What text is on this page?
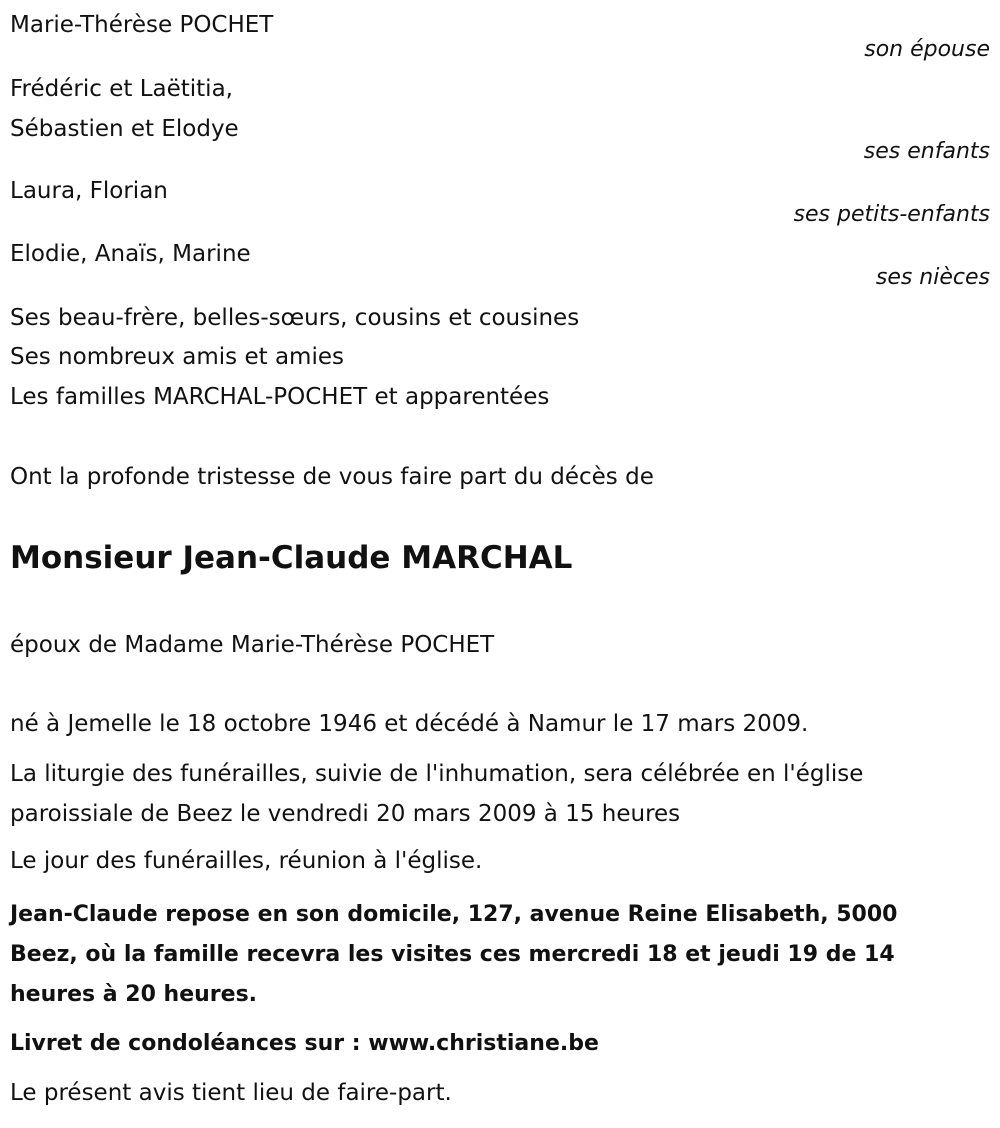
Marie-Thérèse POCHET
son épouse
Frédéric et Laëtitia,
Sébastien et Elodye
ses enfants
Laura, Florian
ses petits-enfants
Elodie, Anaïs, Marine
ses nièces
Ses beau-frère, belles-sœurs, cousins et cousines
Ses nombreux amis et amies
Les familles MARCHAL-POCHET et apparentées
Ont la profonde tristesse de vous faire part du décès de
Monsieur Jean-Claude MARCHAL
époux de Madame Marie-Thérèse POCHET
né à Jemelle le 18 octobre 1946 et décédé à Namur le 17 mars 2009.
La liturgie des funérailles, suivie de l'inhumation, sera célébrée en l'église
paroissiale de Beez le vendredi 20 mars 2009 à 15 heures
Le jour des funérailles, réunion à l'église.
Jean-Claude repose en son domicile, 127, avenue Reine Elisabeth, 5000
Beez, où la famille recevra les visites ces mercredi 18 et jeudi 19 de 14
heures à 20 heures.
Livret de condoléances sur : www.christiane.be
Le présent avis tient lieu de faire-part.
